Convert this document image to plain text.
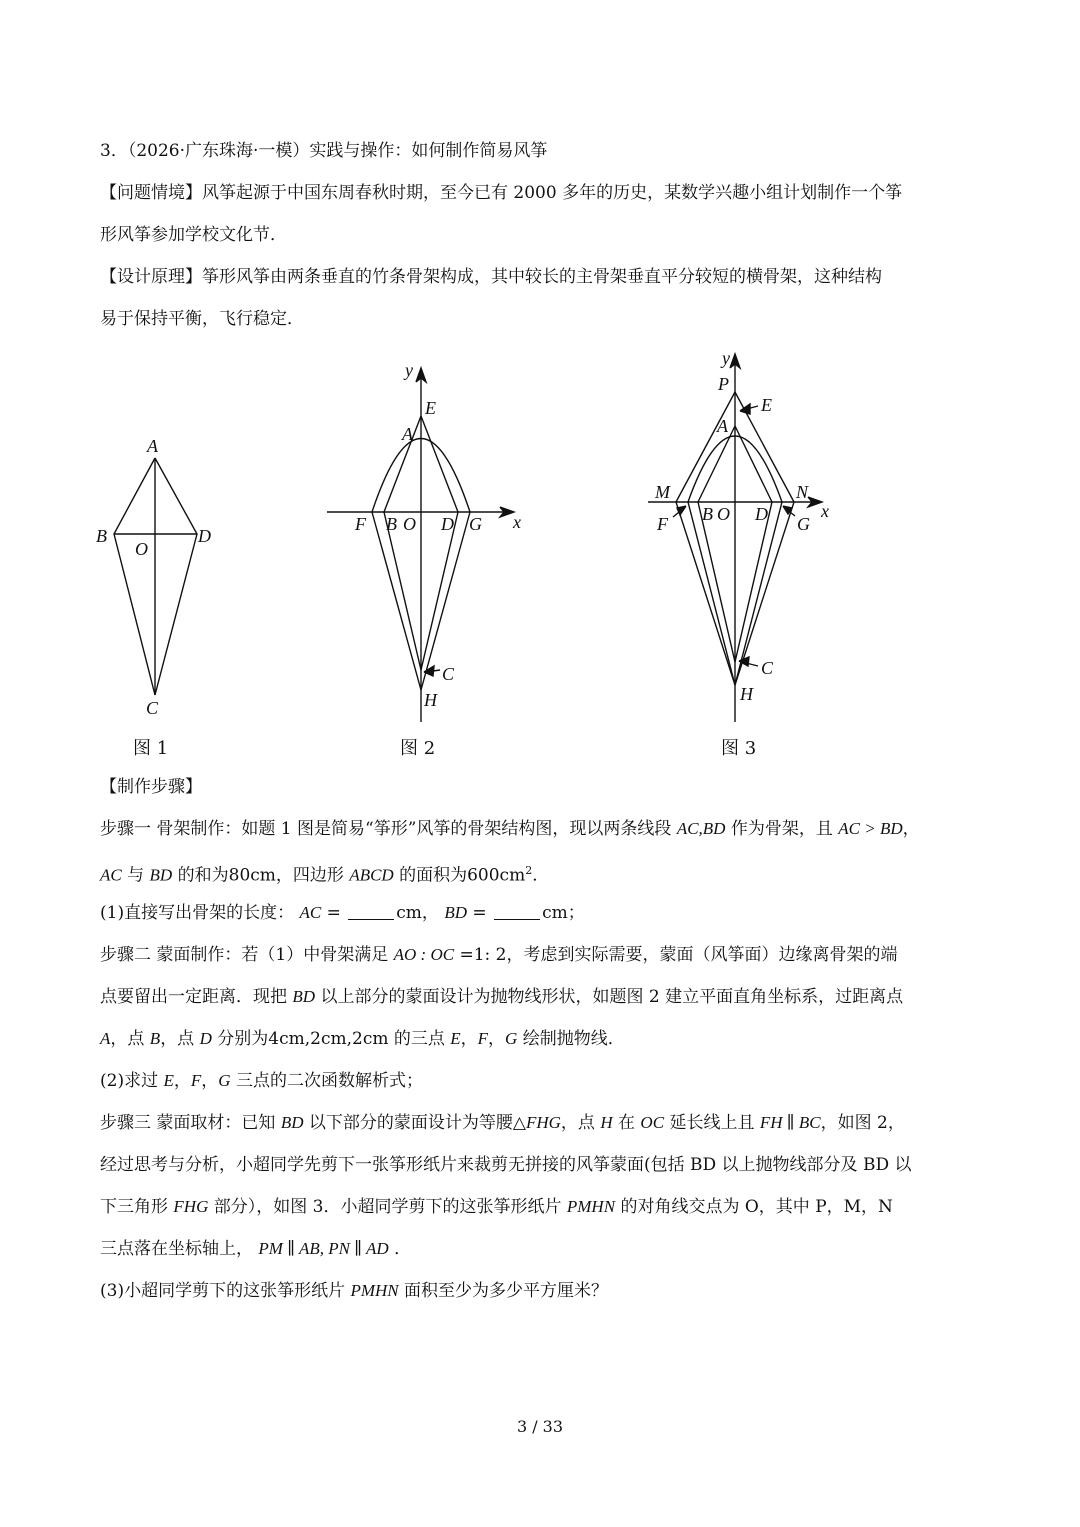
3．（2026·广东珠海·一模）实践与操作：如何制作简易风筝
【问题情境】风筝起源于中国东周春秋时期，至今已有 2000 多年的历史，某数学兴趣小组计划制作一个筝
形风筝参加学校文化节．
【设计原理】筝形风筝由两条垂直的竹条骨架构成，其中较长的主骨架垂直平分较短的横骨架，这种结构
易于保持平衡，飞行稳定．
A
B	D
O
C
y
x
E
A
F B O D G
C
H
y
x
P
E
A
M	N
F B O D G
C
H
图 1	图 2	图 3
【制作步骤】
步骤一 骨架制作：如题 1 图是简易“筝形”风筝的骨架结构图，现以两条线段 AC,BD 作为骨架，且 AC > BD，
AC 与 BD 的和为80cm，四边形 ABCD 的面积为$600cm^2$．
(1)直接写出骨架的长度： AC =	cm， BD =	cm；
步骤二 蒙面制作：若（1）中骨架满足 AO : OC =1: 2，考虑到实际需要，蒙面（风筝面）边缘离骨架的端
点要留出一定距离．现把 BD 以上部分的蒙面设计为抛物线形状，如题图 2 建立平面直角坐标系，过距离点
A，点 B，点 D 分别为4cm,2cm,2cm 的三点 E，F，G 绘制抛物线．
(2)求过 E，F，G 三点的二次函数解析式；
步骤三 蒙面取材：已知 BD 以下部分的蒙面设计为等腰△FHG，点 H 在 OC 延长线上且 FH ∥ BC，如图 2，
经过思考与分析，小超同学先剪下一张筝形纸片来裁剪无拼接的风筝蒙面(包括 BD 以上抛物线部分及 BD 以
下三角形 FHG 部分），如图 3．小超同学剪下的这张筝形纸片 PMHN 的对角线交点为 O，其中 P，M，N
三点落在坐标轴上， PM ∥ AB, PN ∥ AD ．
(3)小超同学剪下的这张筝形纸片 PMHN 面积至少为多少平方厘米？
3 / 33
